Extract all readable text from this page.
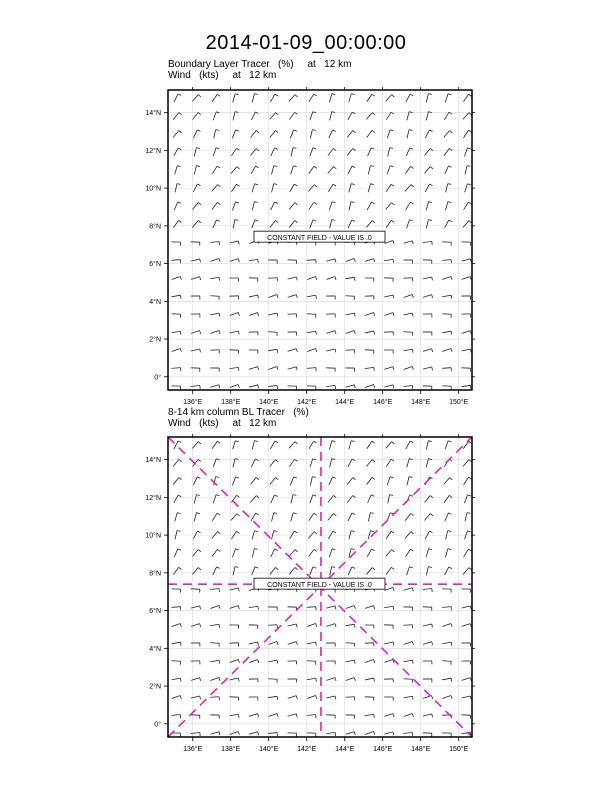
2014-01-09_00:00:00
Boundary Layer Tracer   (%)     at   12 km
Wind   (kts)     at   12 km
136°E	138°E	140°E	142°E	144°E	146°E	148°E	150°E
0°
2°N
4°N
6°N
8°N
10°N
12°N
14°N
CONSTANT FIELD - VALUE IS .0
8-14 km column BL Tracer   (%)
Wind   (kts)     at   12 km
136°E	138°E	140°E	142°E	144°E	146°E	148°E	150°E
0°
2°N
4°N
6°N
8°N
10°N
12°N
14°N
CONSTANT FIELD - VALUE IS .0
